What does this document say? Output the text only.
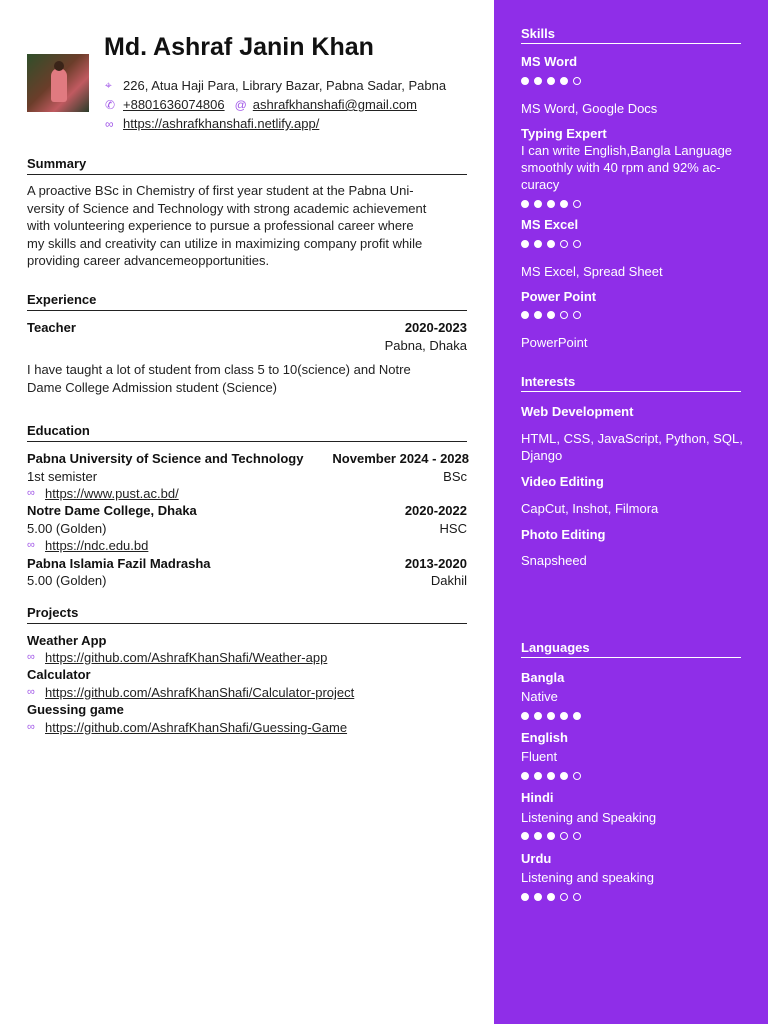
Md. Ashraf Janin Khan
⌖ 226, Atua Haji Para, Library Bazar, Pabna Sadar, Pabna
✆ +8801636074806 @ ashrafkhanshafi@gmail.com
∞ https://ashrafkhanshafi.netlify.app/
Summary
A proactive BSc in Chemistry of first year student at the Pabna Uni-
versity of Science and Technology with strong academic achievement
with volunteering experience to pursue a professional career where
my skills and creativity can utilize in maximizing company profit while
providing career advancemeopportunities.
Experience
Teacher	2020-2023
Pabna, Dhaka
I have taught a lot of student from class 5 to 10(science) and Notre
Dame College Admission student (Science)
Education
Pabna University of Science and Technology November 2024 - 2028
1st semister	BSc
∞ https://www.pust.ac.bd/
Notre Dame College, Dhaka	2020-2022
5.00 (Golden)	HSC
∞ https://ndc.edu.bd
Pabna Islamia Fazil Madrasha	2013-2020
5.00 (Golden)	Dakhil
Projects
Weather App
∞ https://github.com/AshrafKhanShafi/Weather-app
Calculator
∞ https://github.com/AshrafKhanShafi/Calculator-project
Guessing game
∞ https://github.com/AshrafKhanShafi/Guessing-Game
Skills
MS Word
MS Word, Google Docs
Typing Expert
I can write English,Bangla Language
smoothly with 40 rpm and 92% ac-
curacy
MS Excel
MS Excel, Spread Sheet
Power Point
PowerPoint
Interests
Web Development
HTML, CSS, JavaScript, Python, SQL,
Django
Video Editing
CapCut, Inshot, Filmora
Photo Editing
Snapsheed
Languages
Bangla
Native
English
Fluent
Hindi
Listening and Speaking
Urdu
Listening and speaking
